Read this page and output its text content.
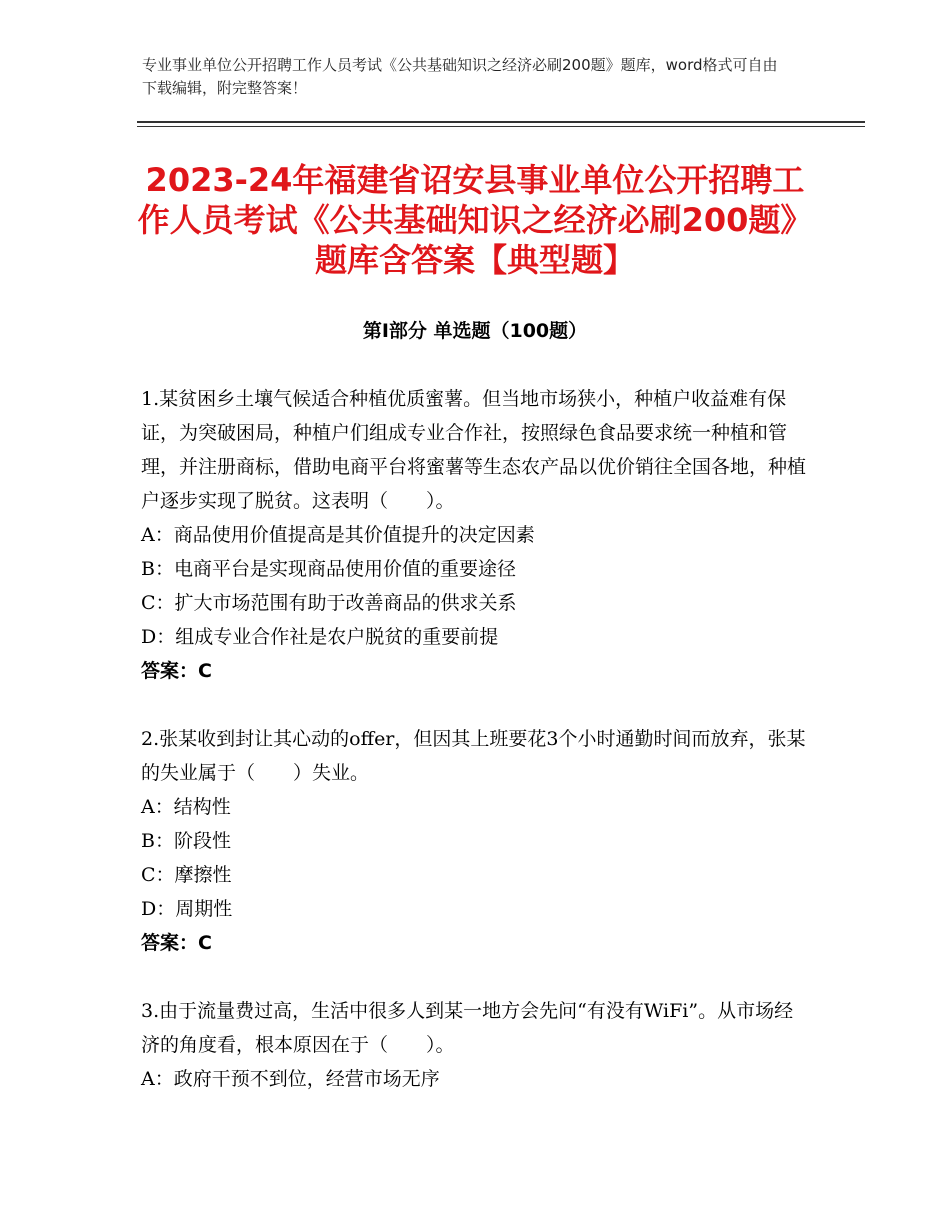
专业事业单位公开招聘工作人员考试《公共基础知识之经济必刷200题》题库，word格式可自由下载编辑，附完整答案！
2023-24年福建省诏安县事业单位公开招聘工作人员考试《公共基础知识之经济必刷200题》题库含答案【典型题】
第Ⅰ部分 单选题（100题）

1.某贫困乡土壤气候适合种植优质蜜薯。但当地市场狭小，种植户收益难有保证，为突破困局，种植户们组成专业合作社，按照绿色食品要求统一种植和管理，并注册商标，借助电商平台将蜜薯等生态农产品以优价销往全国各地，种植户逐步实现了脱贫。这表明（　　）。

A：商品使用价值提高是其价值提升的决定因素

B：电商平台是实现商品使用价值的重要途径

C：扩大市场范围有助于改善商品的供求关系

D：组成专业合作社是农户脱贫的重要前提

答案：C

2.张某收到封让其心动的offer，但因其上班要花3个小时通勤时间而放弃，张某的失业属于（　　）失业。

A：结构性

B：阶段性

C：摩擦性

D：周期性

答案：C

3.由于流量费过高，生活中很多人到某一地方会先问“有没有WiFi”。从市场经济的角度看，根本原因在于（　　）。

A：政府干预不到位，经营市场无序
